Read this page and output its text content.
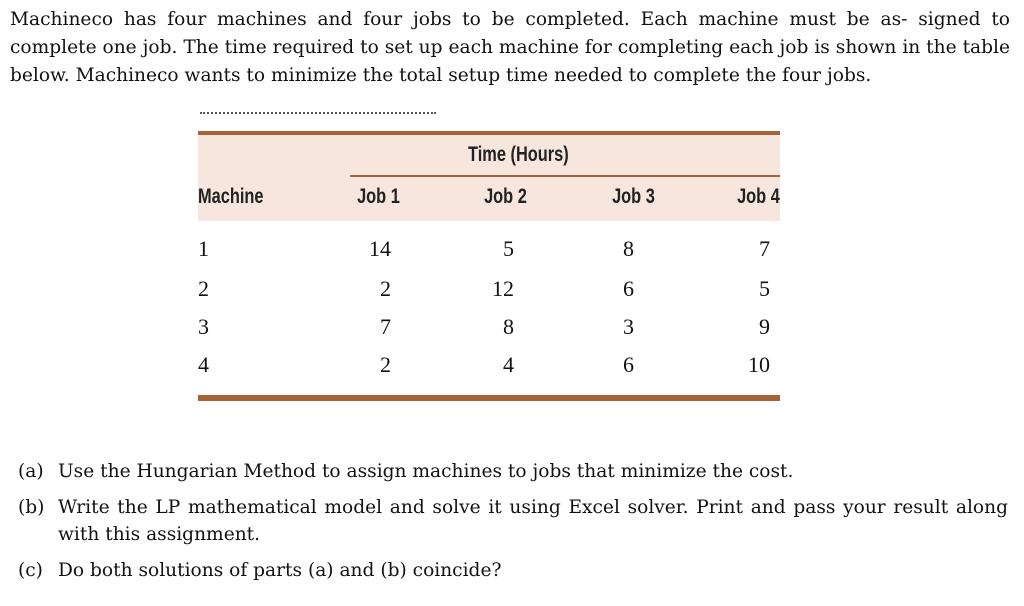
Machineco has four machines and four jobs to be completed. Each machine must be as- signed to complete one job. The time required to set up each machine for completing each job is shown in the table below. Machineco wants to minimize the total setup time needed to complete the four jobs.
Time (Hours)
Machine	Job 1	Job 2	Job 3	Job 4
1	14	5	8	7
2	2	12	6	5
3	7	8	3	9
4	2	4	6	10
(a) Use the Hungarian Method to assign machines to jobs that minimize the cost.
(b) Write the LP mathematical model and solve it using Excel solver. Print and pass your result along with this assignment.
(c) Do both solutions of parts (a) and (b) coincide?
